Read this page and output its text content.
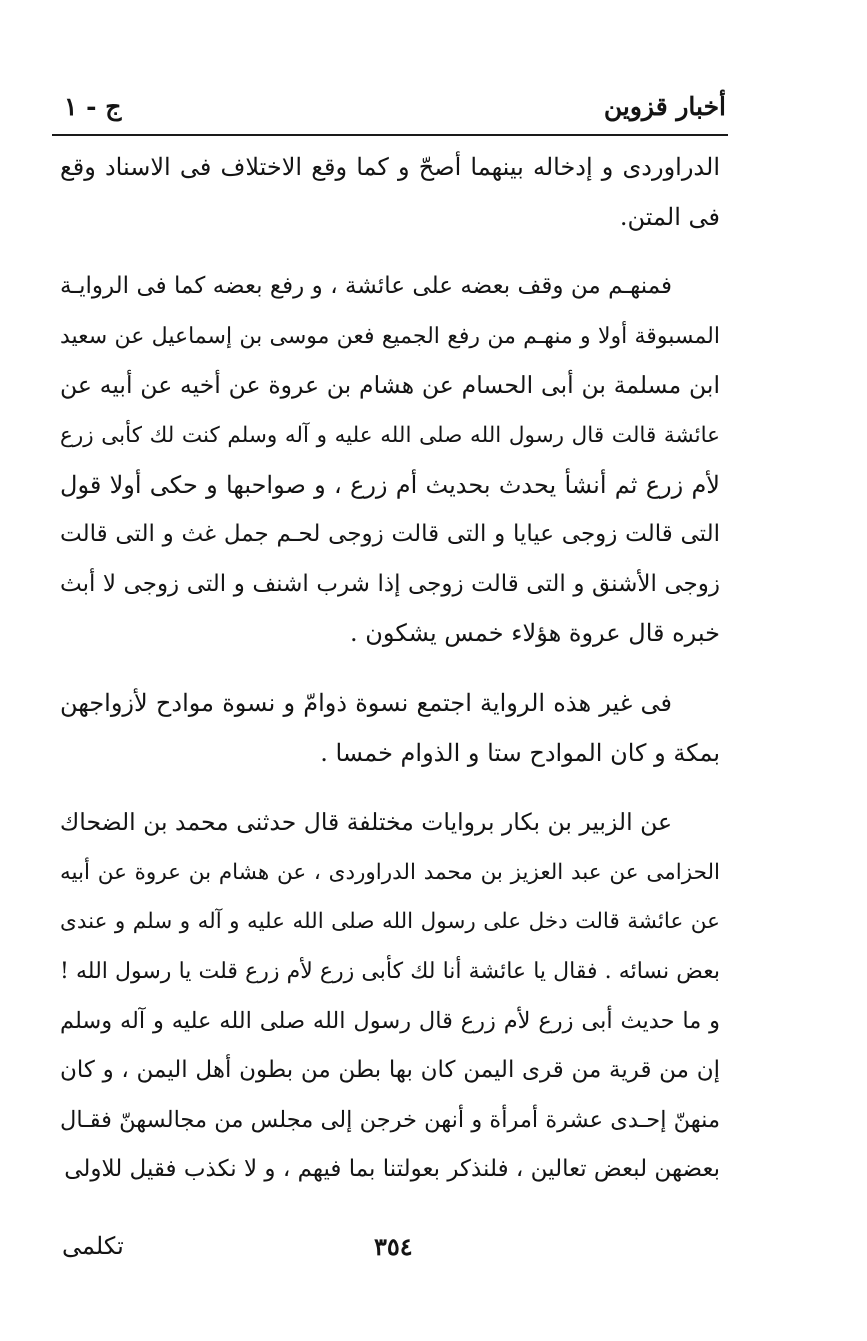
أخبار قزوين
ج - ١
الدراوردى و إدخاله بينهما أصحّ و كما وقع الاختلاف فى الاسناد وقع
فى المتن.
فمنهـم من وقف بعضه على عائشة ، و رفع بعضه كما فى الروايـة
المسبوقة أولا و منهـم من رفع الجميع فعن موسى بن إسماعيل عن سعيد
ابن مسلمة بن أبى الحسام عن هشام بن عروة عن أخيه عن أبيه عن
عائشة قالت قال رسول الله صلى الله عليه و آله وسلم كنت لك كأبى زرع
لأم زرع ثم أنشأ يحدث بحديث أم زرع ، و صواحبها و حكى أولا قول
التى قالت زوجى عيايا و التى قالت زوجى لحـم جمل غث و التى قالت
زوجى الأشنق و التى قالت زوجى إذا شرب اشنف و التى زوجى لا أبث
خبره قال عروة هؤلاء خمس يشكون .
فى غير هذه الرواية اجتمع نسوة ذوامّ و نسوة موادح لأزواجهن
بمكة و كان الموادح ستا و الذوام خمسا .
عن الزبير بن بكار بروايات مختلفة قال حدثنى محمد بن الضحاك
الحزامى عن عبد العزيز بن محمد الدراوردى ، عن هشام بن عروة عن أبيه
عن عائشة قالت دخل على رسول الله صلى الله عليه و آله و سلم و عندى
بعض نسائه . فقال يا عائشة أنا لك كأبى زرع لأم زرع قلت يا رسول الله !
و ما حديث أبى زرع لأم زرع قال رسول الله صلى الله عليه و آله وسلم
إن من قرية من قرى اليمن كان بها بطن من بطون أهل اليمن ، و كان
منهنّ إحـدى عشرة أمرأة و أنهن خرجن إلى مجلس من مجالسهنّ فقـال
بعضهن لبعض تعالين ، فلنذكر بعولتنا بما فيهم ، و لا نكذب فقيل للاولى
٣٥٤
تكلمى
